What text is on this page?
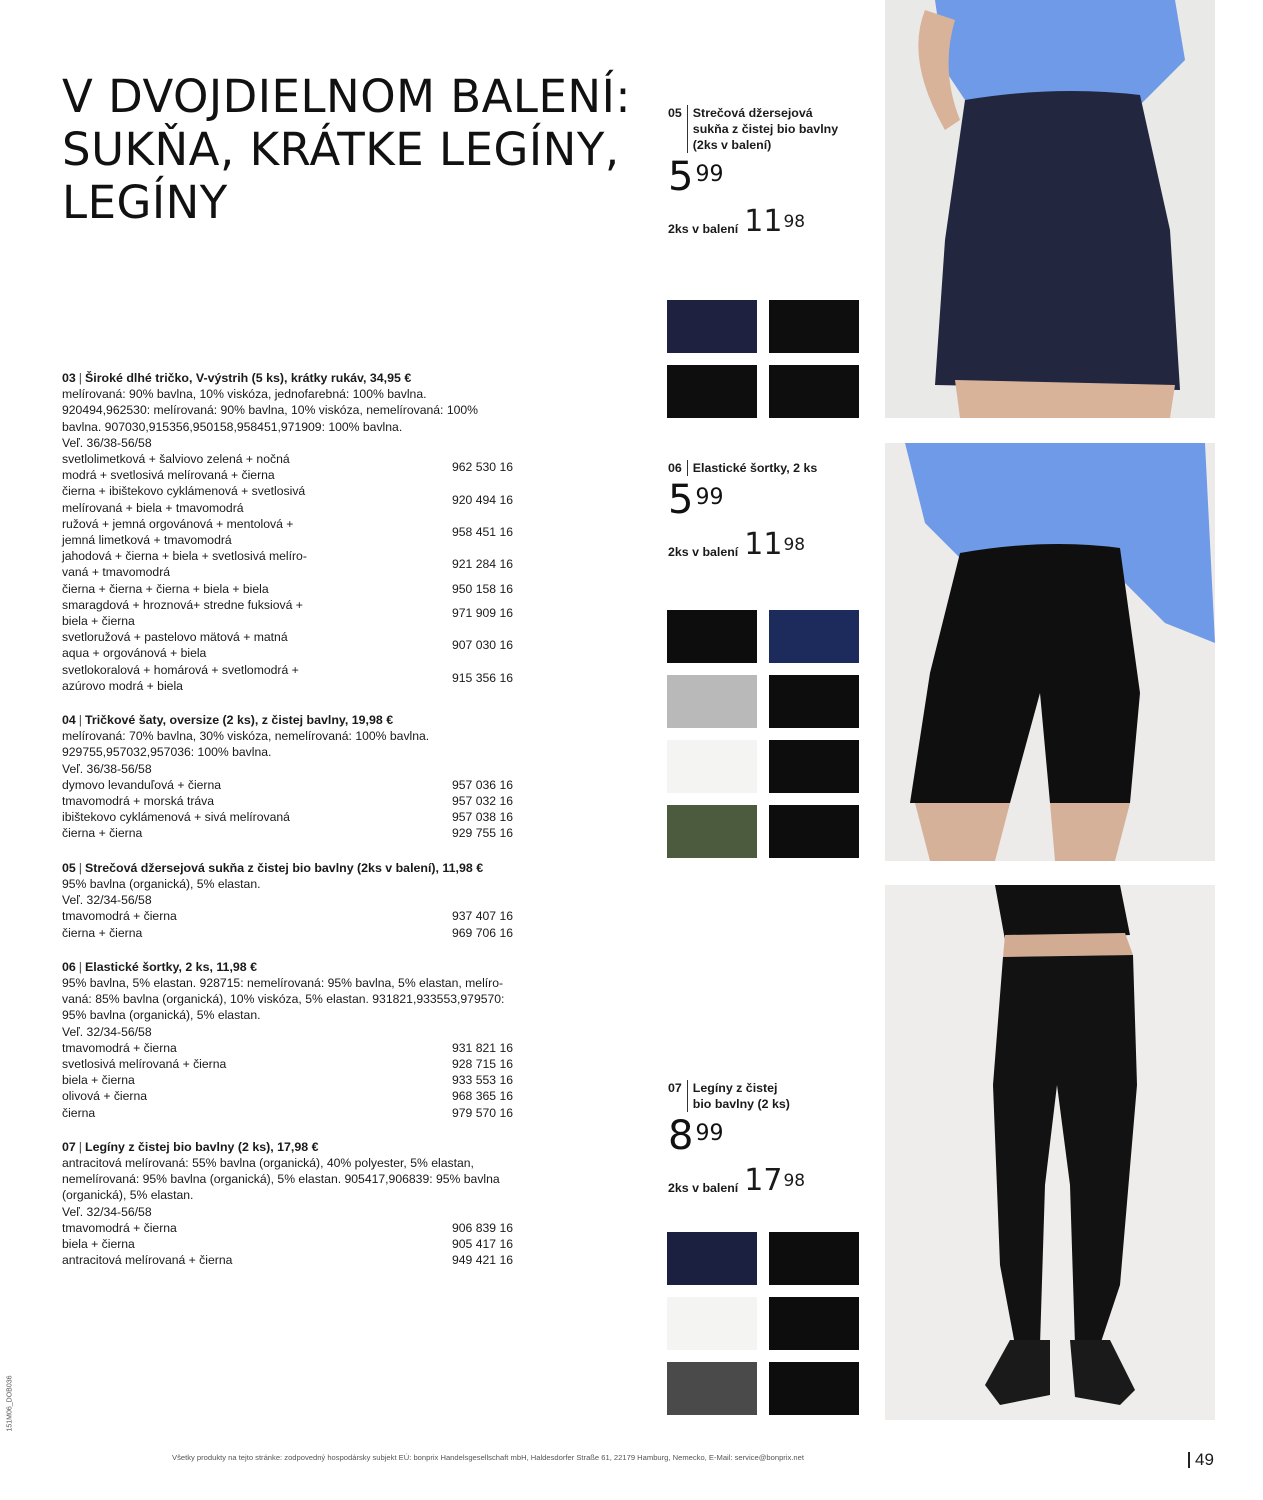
V DVOJDIELNOM BALENÍ:
SUKŇA, KRÁTKE LEGÍNY,
LEGÍNY
03 | Široké dlhé tričko, V-výstrih (5 ks), krátky rukáv, 34,95 €

melírovaná: 90% bavlna, 10% viskóza, jednofarebná: 100% bavlna.

920494,962530: melírovaná: 90% bavlna, 10% viskóza, nemelírovaná: 100%

bavlna. 907030,915356,950158,958451,971909: 100% bavlna.

Veľ. 36/38-56/58

svetlolimetková + šalviovo zelená + nočná
modrá + svetlosivá melírovaná + čierna
962 530 16
čierna + ibištekovo cyklámenová + svetlosivá
melírovaná + biela + tmavomodrá
920 494 16
ružová + jemná orgovánová + mentolová +
jemná limetková + tmavomodrá
958 451 16
jahodová + čierna + biela + svetlosivá melíro-
vaná + tmavomodrá
921 284 16
čierna + čierna + čierna + biela + biela	950 158 16
smaragdová + hroznová+ stredne fuksiová +
biela + čierna
971 909 16
svetloružová + pastelovo mätová + matná
aqua + orgovánová + biela
907 030 16
svetlokoralová + homárová + svetlomodrá +
azúrovo modrá + biela
915 356 16
04 | Tričkové šaty, oversize (2 ks), z čistej bavlny, 19,98 €

melírovaná: 70% bavlna, 30% viskóza, nemelírovaná: 100% bavlna.

929755,957032,957036: 100% bavlna.

Veľ. 36/38-56/58

dymovo levanduľová + čierna	957 036 16
tmavomodrá + morská tráva	957 032 16
ibištekovo cyklámenová + sivá melírovaná	957 038 16
čierna + čierna	929 755 16
05 | Strečová džersejová sukňa z čistej bio bavlny (2ks v balení), 11,98 €

95% bavlna (organická), 5% elastan.

Veľ. 32/34-56/58

tmavomodrá + čierna	937 407 16
čierna + čierna	969 706 16
06 | Elastické šortky, 2 ks, 11,98 €

95% bavlna, 5% elastan. 928715: nemelírovaná: 95% bavlna, 5% elastan, melíro-

vaná: 85% bavlna (organická), 10% viskóza, 5% elastan. 931821,933553,979570:

95% bavlna (organická), 5% elastan.

Veľ. 32/34-56/58

tmavomodrá + čierna	931 821 16
svetlosivá melírovaná + čierna	928 715 16
biela + čierna	933 553 16
olivová + čierna	968 365 16
čierna	979 570 16
07 | Legíny z čistej bio bavlny (2 ks), 17,98 €

antracitová melírovaná: 55% bavlna (organická), 40% polyester, 5% elastan,

nemelírovaná: 95% bavlna (organická), 5% elastan. 905417,906839: 95% bavlna

(organická), 5% elastan.

Veľ. 32/34-56/58

tmavomodrá + čierna	906 839 16
biela + čierna	905 417 16
antracitová melírovaná + čierna	949 421 16
05 Strečová džersejová
sukňa z čistej bio bavlny
(2ks v balení)
$5^{99}$
2ks v balení $11^{98}$
06 Elastické šortky, 2 ks
$5^{99}$
2ks v balení $11^{98}$
07 Legíny z čistej
bio bavlny (2 ks)
$8^{99}$
2ks v balení $17^{98}$
Všetky produkty na tejto stránke: zodpovedný hospodársky subjekt EÚ: bonprix Handelsgesellschaft mbH, Haldesdorfer Straße 61, 22179 Hamburg, Nemecko, E-Mail: service@bonprix.net	49
151M06_DOB036
